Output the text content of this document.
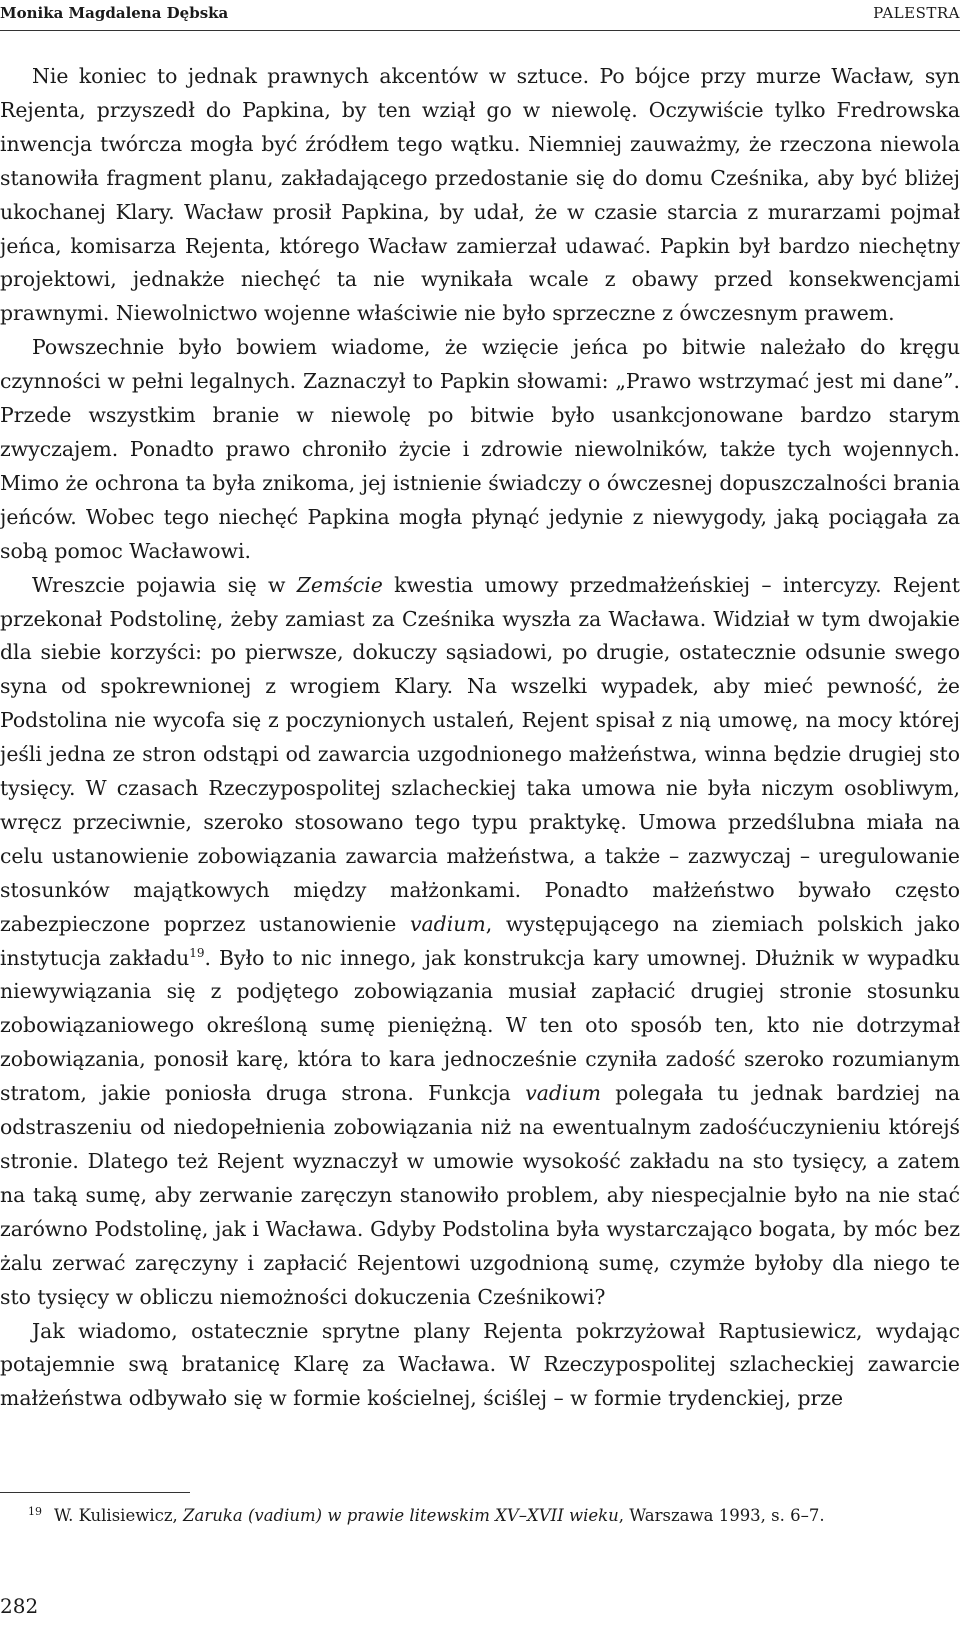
Monika Magdalena Dębska	PALESTRA

Nie koniec to jednak prawnych akcentów w sztuce. Po bójce przy murze Wacław, syn Rejenta, przyszedł do Papkina, by ten wziął go w niewolę. Oczywiście tylko Fredrowska inwencja twórcza mogła być źródłem tego wątku. Niemniej zauważmy, że rzeczona niewola stanowiła fragment planu, zakładającego przedostanie się do domu Cześnika, aby być bliżej ukochanej Klary. Wacław prosił Papkina, by udał, że w czasie starcia z murarzami pojmał jeńca, komisarza Rejenta, którego Wacław zamierzał udawać. Papkin był bardzo niechętny projektowi, jednakże niechęć ta nie wynikała wcale z obawy przed konsekwencjami prawnymi. Niewolnictwo wojenne właściwie nie było sprzeczne z ówczesnym prawem.

Powszechnie było bowiem wiadome, że wzięcie jeńca po bitwie należało do kręgu czynności w pełni legalnych. Zaznaczył to Papkin słowami: „Prawo wstrzymać jest mi dane”. Przede wszystkim branie w niewolę po bitwie było usankcjonowane bardzo starym zwyczajem. Ponadto prawo chroniło życie i zdrowie niewolników, także tych wojennych. Mimo że ochrona ta była znikoma, jej istnienie świadczy o ówczesnej dopuszczalności brania jeńców. Wobec tego niechęć Papkina mogła płynąć jedynie z niewygody, jaką pociągała za sobą pomoc Wacławowi.

Wreszcie pojawia się w Zemście kwestia umowy przedmałżeńskiej – intercyzy. Rejent przekonał Podstolinę, żeby zamiast za Cześnika wyszła za Wacława. Widział w tym dwojakie dla siebie korzyści: po pierwsze, dokuczy sąsiadowi, po drugie, ostatecznie odsunie swego syna od spokrewnionej z wrogiem Klary. Na wszelki wypadek, aby mieć pewność, że Podstolina nie wycofa się z poczynionych ustaleń, Rejent spisał z nią umowę, na mocy której jeśli jedna ze stron odstąpi od zawarcia uzgodnionego małżeństwa, winna będzie drugiej sto tysięcy. W czasach Rzeczypospolitej szlacheckiej taka umowa nie była niczym osobliwym, wręcz przeciwnie, szeroko stosowano tego typu praktykę. Umowa przedślubna miała na celu ustanowienie zobowiązania zawarcia małżeństwa, a także – zazwyczaj – uregulowanie stosunków majątkowych między małżonkami. Ponadto małżeństwo bywało często zabezpieczone poprzez ustanowienie vadium, występującego na ziemiach polskich jako instytucja zakładu$^{19}$. Było to nic innego, jak konstrukcja kary umownej. Dłużnik w wypadku niewywiązania się z podjętego zobowiązania musiał zapłacić drugiej stronie stosunku zobowiązaniowego określoną sumę pieniężną. W ten oto sposób ten, kto nie dotrzymał zobowiązania, ponosił karę, która to kara jednocześnie czyniła zadość szeroko rozumianym stratom, jakie poniosła druga strona. Funkcja vadium polegała tu jednak bardziej na odstraszeniu od niedopełnienia zobowiązania niż na ewentualnym zadośćuczynieniu którejś stronie. Dlatego też Rejent wyznaczył w umowie wysokość zakładu na sto tysięcy, a zatem na taką sumę, aby zerwanie zaręczyn stanowiło problem, aby niespecjalnie było na nie stać zarówno Podstolinę, jak i Wacława. Gdyby Podstolina była wystarczająco bogata, by móc bez żalu zerwać zaręczyny i zapłacić Rejentowi uzgodnioną sumę, czymże byłoby dla niego te sto tysięcy w obliczu niemożności dokuczenia Cześnikowi?

Jak wiadomo, ostatecznie sprytne plany Rejenta pokrzyżował Raptusiewicz, wydając potajemnie swą bratanicę Klarę za Wacława. W Rzeczypospolitej szlacheckiej zawarcie małżeństwa odbywało się w formie kościelnej, ściślej – w formie trydenckiej, prze

$^{19}$ W. Kulisiewicz, Zaruka (vadium) w prawie litewskim XV–XVII wieku, Warszawa 1993, s. 6–7.
282
